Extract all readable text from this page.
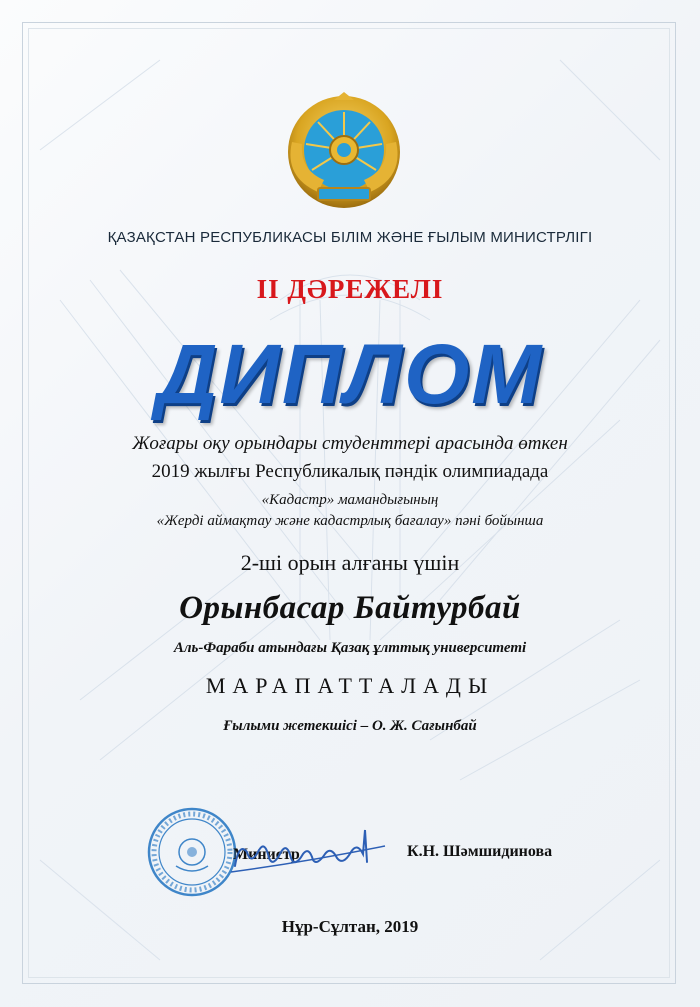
ҚАЗАҚСТАН РЕСПУБЛИКАСЫ БІЛІМ ЖӘНЕ ҒЫЛЫМ МИНИСТРЛІГІ
II ДӘРЕЖЕЛІ
ДИПЛОМ
Жоғары оқу орындары студенттері арасында өткен
2019 жылғы Республикалық пәндік олимпиадада
«Кадастр» мамандығының
«Жерді аймақтау және кадастрлық бағалау» пәні бойынша
2-ші орын алғаны үшін
Орынбасар Байтурбай
Аль-Фараби атындағы Қазақ ұлттық университеті
МАРАПАТТАЛАДЫ
Ғылыми жетекшісі – О. Ж. Сағынбай
Министр	К.Н. Шәмшидинова
Нұр-Сұлтан, 2019
